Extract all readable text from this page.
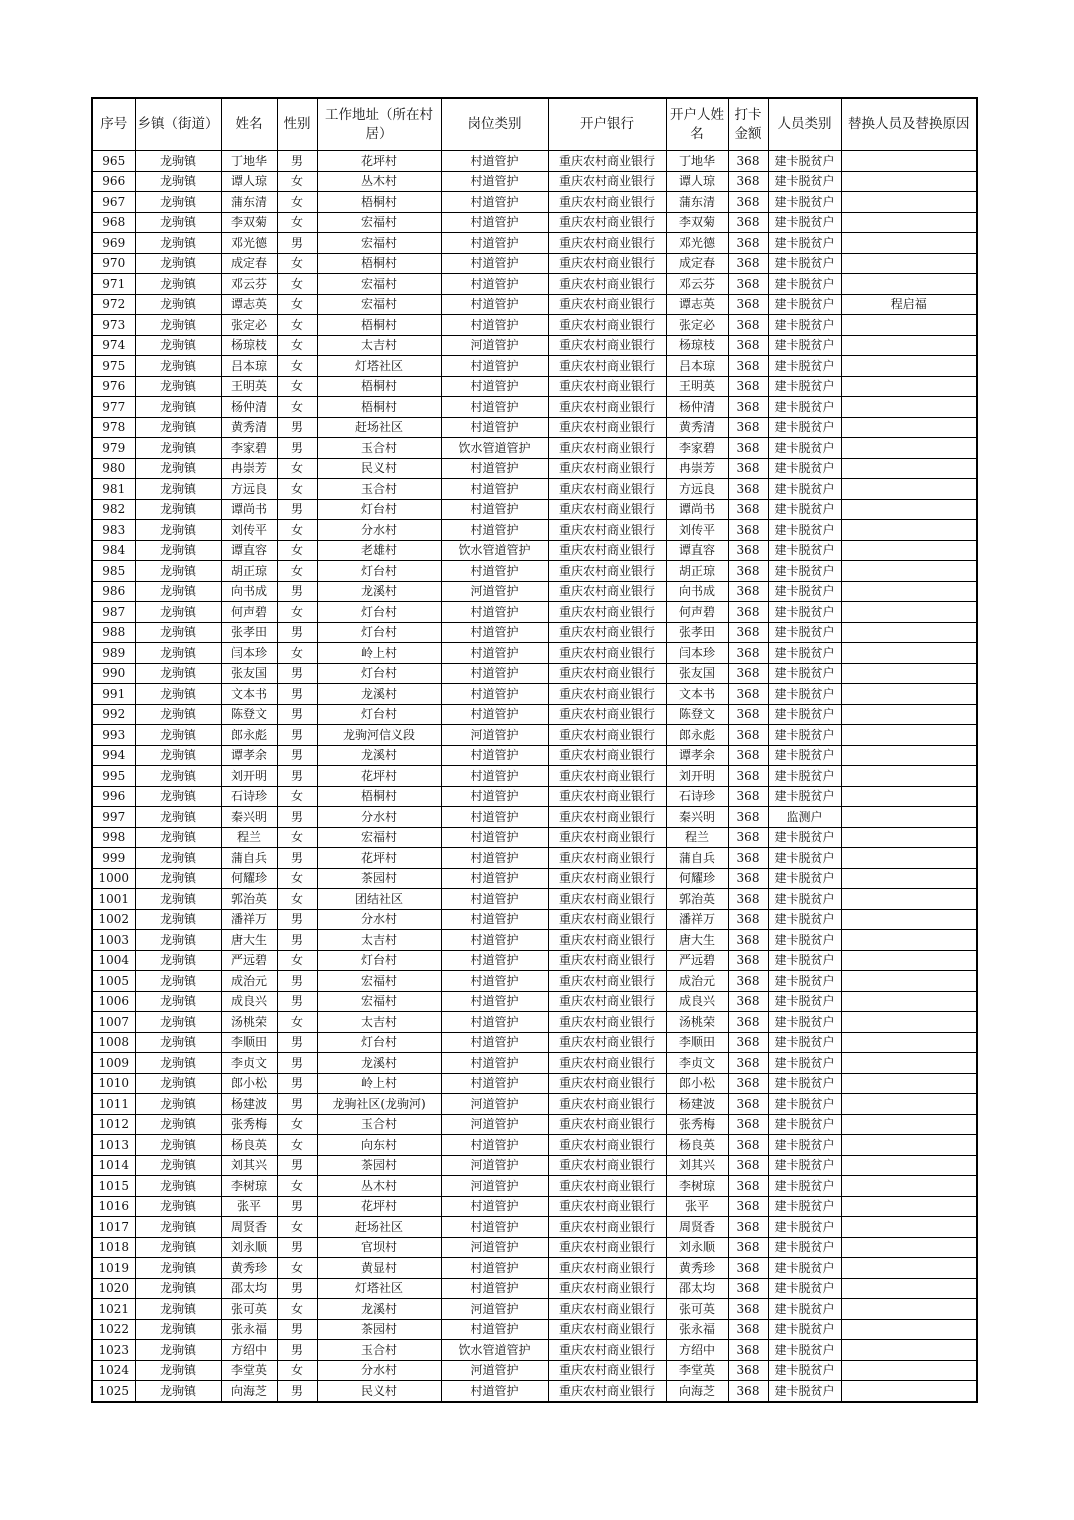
序号	乡镇（街道）	姓名	性别	工作地址（所在村居）	岗位类别	开户银行	开户人姓名	打卡金额	人员类别	替换人员及替换原因
965	龙驹镇	丁地华	男	花坪村	村道管护	重庆农村商业银行	丁地华	368	建卡脱贫户	
966	龙驹镇	谭人琼	女	丛木村	村道管护	重庆农村商业银行	谭人琼	368	建卡脱贫户	
967	龙驹镇	蒲东清	女	梧桐村	村道管护	重庆农村商业银行	蒲东清	368	建卡脱贫户	
968	龙驹镇	李双菊	女	宏福村	村道管护	重庆农村商业银行	李双菊	368	建卡脱贫户	
969	龙驹镇	邓光德	男	宏福村	村道管护	重庆农村商业银行	邓光德	368	建卡脱贫户	
970	龙驹镇	成定春	女	梧桐村	村道管护	重庆农村商业银行	成定春	368	建卡脱贫户	
971	龙驹镇	邓云芬	女	宏福村	村道管护	重庆农村商业银行	邓云芬	368	建卡脱贫户	
972	龙驹镇	谭志英	女	宏福村	村道管护	重庆农村商业银行	谭志英	368	建卡脱贫户	程启福
973	龙驹镇	张定必	女	梧桐村	村道管护	重庆农村商业银行	张定必	368	建卡脱贫户	
974	龙驹镇	杨琼枝	女	太吉村	河道管护	重庆农村商业银行	杨琼枝	368	建卡脱贫户	
975	龙驹镇	吕本琼	女	灯塔社区	村道管护	重庆农村商业银行	吕本琼	368	建卡脱贫户	
976	龙驹镇	王明英	女	梧桐村	村道管护	重庆农村商业银行	王明英	368	建卡脱贫户	
977	龙驹镇	杨仲清	女	梧桐村	村道管护	重庆农村商业银行	杨仲清	368	建卡脱贫户	
978	龙驹镇	黄秀清	男	赶场社区	村道管护	重庆农村商业银行	黄秀清	368	建卡脱贫户	
979	龙驹镇	李家碧	男	玉合村	饮水管道管护	重庆农村商业银行	李家碧	368	建卡脱贫户	
980	龙驹镇	冉崇芳	女	民义村	村道管护	重庆农村商业银行	冉崇芳	368	建卡脱贫户	
981	龙驹镇	方远良	女	玉合村	村道管护	重庆农村商业银行	方远良	368	建卡脱贫户	
982	龙驹镇	谭尚书	男	灯台村	村道管护	重庆农村商业银行	谭尚书	368	建卡脱贫户	
983	龙驹镇	刘传平	女	分水村	村道管护	重庆农村商业银行	刘传平	368	建卡脱贫户	
984	龙驹镇	谭直容	女	老雄村	饮水管道管护	重庆农村商业银行	谭直容	368	建卡脱贫户	
985	龙驹镇	胡正琼	女	灯台村	村道管护	重庆农村商业银行	胡正琼	368	建卡脱贫户	
986	龙驹镇	向书成	男	龙溪村	河道管护	重庆农村商业银行	向书成	368	建卡脱贫户	
987	龙驹镇	何声碧	女	灯台村	村道管护	重庆农村商业银行	何声碧	368	建卡脱贫户	
988	龙驹镇	张孝田	男	灯台村	村道管护	重庆农村商业银行	张孝田	368	建卡脱贫户	
989	龙驹镇	闫本珍	女	岭上村	村道管护	重庆农村商业银行	闫本珍	368	建卡脱贫户	
990	龙驹镇	张友国	男	灯台村	村道管护	重庆农村商业银行	张友国	368	建卡脱贫户	
991	龙驹镇	文本书	男	龙溪村	村道管护	重庆农村商业银行	文本书	368	建卡脱贫户	
992	龙驹镇	陈登文	男	灯台村	村道管护	重庆农村商业银行	陈登文	368	建卡脱贫户	
993	龙驹镇	郎永彪	男	龙驹河信义段	河道管护	重庆农村商业银行	郎永彪	368	建卡脱贫户	
994	龙驹镇	谭孝余	男	龙溪村	村道管护	重庆农村商业银行	谭孝余	368	建卡脱贫户	
995	龙驹镇	刘开明	男	花坪村	村道管护	重庆农村商业银行	刘开明	368	建卡脱贫户	
996	龙驹镇	石诗珍	女	梧桐村	村道管护	重庆农村商业银行	石诗珍	368	建卡脱贫户	
997	龙驹镇	秦兴明	男	分水村	村道管护	重庆农村商业银行	秦兴明	368	监测户	
998	龙驹镇	程兰	女	宏福村	村道管护	重庆农村商业银行	程兰	368	建卡脱贫户	
999	龙驹镇	蒲自兵	男	花坪村	村道管护	重庆农村商业银行	蒲自兵	368	建卡脱贫户	
1000	龙驹镇	何耀珍	女	茶园村	村道管护	重庆农村商业银行	何耀珍	368	建卡脱贫户	
1001	龙驹镇	郭治英	女	团结社区	村道管护	重庆农村商业银行	郭治英	368	建卡脱贫户	
1002	龙驹镇	潘祥万	男	分水村	村道管护	重庆农村商业银行	潘祥万	368	建卡脱贫户	
1003	龙驹镇	唐大生	男	太吉村	村道管护	重庆农村商业银行	唐大生	368	建卡脱贫户	
1004	龙驹镇	严远碧	女	灯台村	村道管护	重庆农村商业银行	严远碧	368	建卡脱贫户	
1005	龙驹镇	成治元	男	宏福村	村道管护	重庆农村商业银行	成治元	368	建卡脱贫户	
1006	龙驹镇	成良兴	男	宏福村	村道管护	重庆农村商业银行	成良兴	368	建卡脱贫户	
1007	龙驹镇	汤桃荣	女	太吉村	村道管护	重庆农村商业银行	汤桃荣	368	建卡脱贫户	
1008	龙驹镇	李顺田	男	灯台村	村道管护	重庆农村商业银行	李顺田	368	建卡脱贫户	
1009	龙驹镇	李贞文	男	龙溪村	村道管护	重庆农村商业银行	李贞文	368	建卡脱贫户	
1010	龙驹镇	郎小松	男	岭上村	村道管护	重庆农村商业银行	郎小松	368	建卡脱贫户	
1011	龙驹镇	杨建波	男	龙驹社区(龙驹河)	河道管护	重庆农村商业银行	杨建波	368	建卡脱贫户	
1012	龙驹镇	张秀梅	女	玉合村	河道管护	重庆农村商业银行	张秀梅	368	建卡脱贫户	
1013	龙驹镇	杨良英	女	向东村	村道管护	重庆农村商业银行	杨良英	368	建卡脱贫户	
1014	龙驹镇	刘其兴	男	茶园村	河道管护	重庆农村商业银行	刘其兴	368	建卡脱贫户	
1015	龙驹镇	李树琼	女	丛木村	河道管护	重庆农村商业银行	李树琼	368	建卡脱贫户	
1016	龙驹镇	张平	男	花坪村	村道管护	重庆农村商业银行	张平	368	建卡脱贫户	
1017	龙驹镇	周贤香	女	赶场社区	村道管护	重庆农村商业银行	周贤香	368	建卡脱贫户	
1018	龙驹镇	刘永顺	男	官坝村	河道管护	重庆农村商业银行	刘永顺	368	建卡脱贫户	
1019	龙驹镇	黄秀珍	女	黄显村	村道管护	重庆农村商业银行	黄秀珍	368	建卡脱贫户	
1020	龙驹镇	邵太均	男	灯塔社区	村道管护	重庆农村商业银行	邵太均	368	建卡脱贫户	
1021	龙驹镇	张可英	女	龙溪村	河道管护	重庆农村商业银行	张可英	368	建卡脱贫户	
1022	龙驹镇	张永福	男	茶园村	村道管护	重庆农村商业银行	张永福	368	建卡脱贫户	
1023	龙驹镇	方绍中	男	玉合村	饮水管道管护	重庆农村商业银行	方绍中	368	建卡脱贫户	
1024	龙驹镇	李堂英	女	分水村	河道管护	重庆农村商业银行	李堂英	368	建卡脱贫户	
1025	龙驹镇	向海芝	男	民义村	村道管护	重庆农村商业银行	向海芝	368	建卡脱贫户	
